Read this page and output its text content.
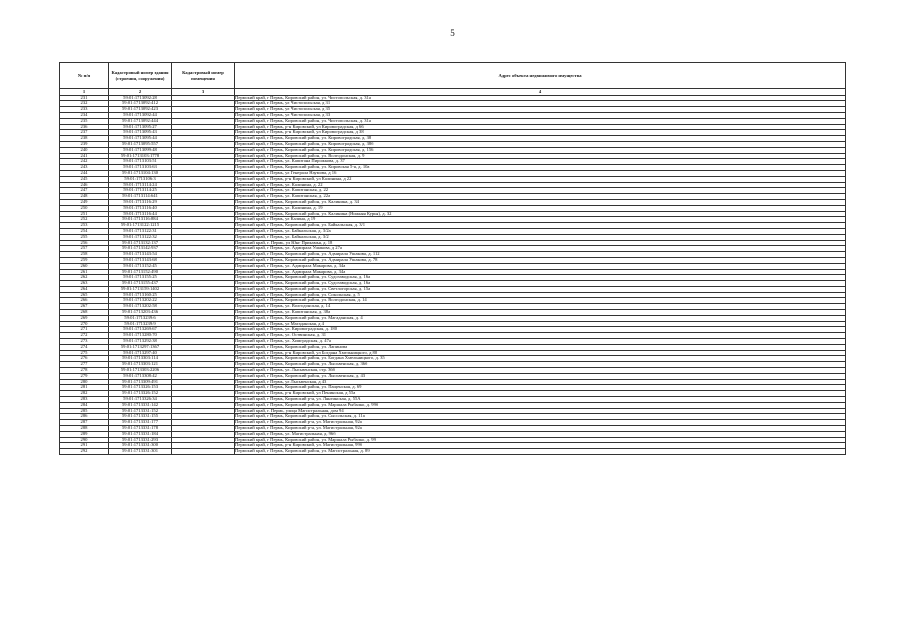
5
№ п/п	Кадастровый номер здания (строения, сооружения)	Кадастровый номер помещения	Адрес объекта недвижимого имущества
1	2	3	4
231	59:01:1713092:28		Пермский край, г Пермь, Кировский район, ул. Чистопольская, д. 31а
232	59:01:1713092:412		Пермский край, г Пермь, ул Чистопольская, д 31
233	59:01:1713092:423		Пермский край, г Пермь, ул Чистопольская, д 35
234	59:01:1713092:44		Пермский край, г Пермь, ул Чистопольская, д 33
235	59:01:1713092:444		Пермский край, г Пермь, Кировский район, ул. Чистопольская, д. 31а
236	59:01:1713095:27		Пермский край, г Пермь, р-н Кировский, ул Кировоградская, д 66
237	59:01:1713095:43		Пермский край, г Пермь, р-н Кировский, ул Кировоградская, д 38
238	59:01:1713095:44		Пермский край, г Пермь, Кировский район, ул. Кировоградская, д. 38
239	59:01:1713095:557		Пермский край, г Пермь, Кировский район, ул. Кировоградская, д. 38б
240	59:01:1713099:48		Пермский край, г Пермь, Кировский район, ул. Кировоградская, д. 156
241	59:01:1713103:1778		Пермский край, г Пермь, Кировский район, ул. Волгодонская, д. 9
242	59:01:1713103:51		Пермский край, г Пермь, ул. Капитана Пирожкова, д. 37
243	59:01:1713103:63		Пермский край, г Пермь, Кировский район, ул. Кировская 5-я, д. 10а
244	59:01:1713104:130		Пермский край, г Пермь, ул Генерала Наумова, д 16
245	59:01:1713106:3		Пермский край, г Пермь, р-н Кировский, ул Калинина, д 22
246	59:01:1713114:24		Пермский край, г Пермь, ул. Калинина, д. 22
247	59:01:1713114:25		Пермский край, г Пермь, ул. Капитанская, д. 22
248	59:01:1713114:641		Пермский край, г Пермь, ул. Капитанская, д. 22а
249	59:01:1713116:29		Пермский край, г Пермь, Кировский район, ул. Калинина, д. 34
250	59:01:1713116:40		Пермский край, г Пермь, ул. Калинина, д. 19
251	59:01:1713116:44		Пермский край, г Пермь, Кировский район, ул. Калинина (Нижняя Курья), д. 32
252	59:01:1713116:884		Пермский край, г Пермь, ул Калина, д 19
253	59:01:1713122:1215		Пермский край, г Пермь, Кировский район, ул. Байкальская, д. 3/1
254	59:01:1713122:31		Пермский край, г Пермь, ул. Байкальская, д. 3/2а
255	59:01:1713122:32		Пермский край, г Пермь, ул. Байкальская, д. 3/2
256	59:01:1713132:137		Пермский край, г. Пермь, ул Юнг Прикамья, д. 18
257	59:01:1713142:937		Пермский край, г Пермь, ул. Адмирала Ушакова, д 27а
258	59:01:1713143:54		Пермский край, г Пермь, Кировский район, ул. Адмирала Ушакова, д. 112
259	59:01:1713143:68		Пермский край, г Пермь, Кировский район, ул. Адмирала Ушакова, д. 78
260	59:01:1713152:45		Пермский край, г Пермь, ул. Адмирала Макарова, д. 34а
261	59:01:1713152:490		Пермский край, г Пермь, ул. Адмирала Макарова, д. 34а
262	59:01:1713155:25		Пермский край, г Пермь, Кировский район, ул. Судозаводская, д. 16а
263	59:01:1713155:437		Пермский край, г Пермь, Кировский район, ул. Судозаводская, д. 16а
264	59:01:1713159:1402		Пермский край, г Пермь, Кировский район, ул. Светлогорская, д. 15а
265	59:01:1713160:25		Пермский край, г Пермь, Кировский район, ул. Сокольская, д. 5
266	59:01:1713202:22		Пермский край, г Пермь, Кировский район, ул. Волгодонская, д. 14
267	59:01:1713202:58		Пермский край, г Пермь, ул. Волгодонская, д. 14
268	59:01:1713203:436		Пермский край, г Пермь, ул. Капитанская, д. 38а
269	59:01:1713239:6		Пермский край, г Пермь, Кировский район, ул. Магаданская, д. 4
270	59:01:1713239:9		Пермский край, г Пермь, ул Магаданская, д 4
271	59:01:1713269:67		Пермский край, г Пермь, ул. Кировоградская, д. 180
272	59:01:1713280:70		Пермский край, г Пермь, ул. Оствинская, д. 31
273	59:01:1713292:38		Пермский край, г Пермь, ул. Химградская, д. 47а
274	59:01:1713297:1367		Пермский край, г Пермь, Кировский район, ул. Лапинова
275	59:01:1713297:40		Пермский край, г Пермь, р-н Кировский, ул Богдана Хмельницкого, д 80
276	59:01:1713303:114		Пермский край, г Пермь, Кировский район, ул. Богдана Хмельницкого, д. 35
277	59:01:1713303:121		Пермский край, г Пермь, Кировский район, ул. Лысьвенская, д. 36б
278	59:01:1713303:2206		Пермский край, г Пермь, ул. Лысьвенская, стр. 36б
279	59:01:1713308:42		Пермский край, г Пермь, Кировский район, ул. Лысьвенская, д. 43
280	59:01:1713309:491		Пермский край, г Пермь, ул Лысьвенская, д 43
281	59:01:1713326:153		Пермский край, г Пермь, Кировский район, ул. Пащенская, д. 69
282	59:01:1713326:152		Пермский край, г Пермь, р-н Кировский, ул Пенинская, д 55а
283	59:01:1713326:34		Пермский край, г Пермь, Кировский р-н, ул. Лянгинская, д. 55А
284	59:01:1713331:142		Пермский край, г Пермь, Кировский район, ул. Маршала Рыбалко, д. 99б
285	59:01:1713331:152		Пермский край, г. Пермь, улица Магистральная, дом 94
286	59:01:1713331:155		Пермский край, г Пермь, Кировский район, ул. Сысольская, д. 11а
287	59:01:1713331:177		Пермский край, г Пермь, Кировский р-н, ул. Магистральная, 92а
288	59:01:1713331:178		Пермский край, г Пермь, Кировский р-н, ул. Магистральная, 92а
289	59:01:1713331:184		Пермский край, г Пермь, ул. Магистральная, д. 96б
290	59:01:1713331:293		Пермский край, г Пермь, Кировский район, ул. Маршала Рыбалко, д. 99
291	59:01:1713331:300		Пермский край, г Пермь, р-н Кировский, ул. Магистральная, 99б
292	59:01:1713331:301		Пермский край, г Пермь, Кировский район, ул. Магистральная, д. 89
